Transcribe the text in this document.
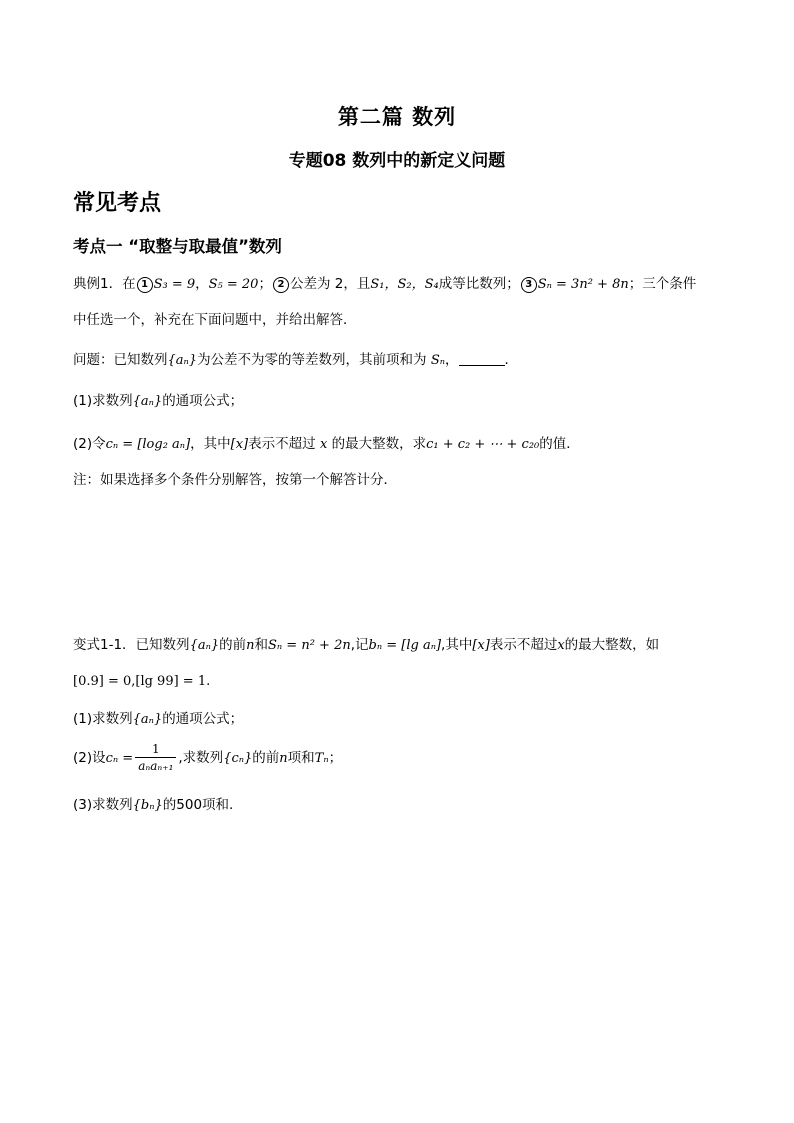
第二篇 数列
专题08 数列中的新定义问题
常见考点
考点一 “取整与取最值”数列
典例1．在 1 S₃ = 9，S₅ = 20； 2 公差为 2，且S₁，S₂，S₄成等比数列； 3 Sₙ = 3n² + 8n；三个条件
中任选一个，补充在下面问题中，并给出解答．
问题：已知数列{aₙ}为公差不为零的等差数列，其前项和为 Sₙ，	．
(1)求数列{aₙ}的通项公式；
(2)令cₙ = [log₂ aₙ]，其中[x]表示不超过 x 的最大整数，求c₁ + c₂ + ⋯ + c₂₀的值．
注：如果选择多个条件分别解答，按第一个解答计分．
变式1-1．已知数列{aₙ}的前n和Sₙ = n² + 2n,记bₙ = [lg aₙ],其中[x]表示不超过x的最大整数，如
[0.9] = 0,[lg 99] = 1.
(1)求数列{aₙ}的通项公式；
(2)设$c_n = \frac{1}{\text{aₙaₙ₊₁}}$ ,求数列{cₙ}的前n项和Tₙ；
(3)求数列{bₙ}的500项和.
